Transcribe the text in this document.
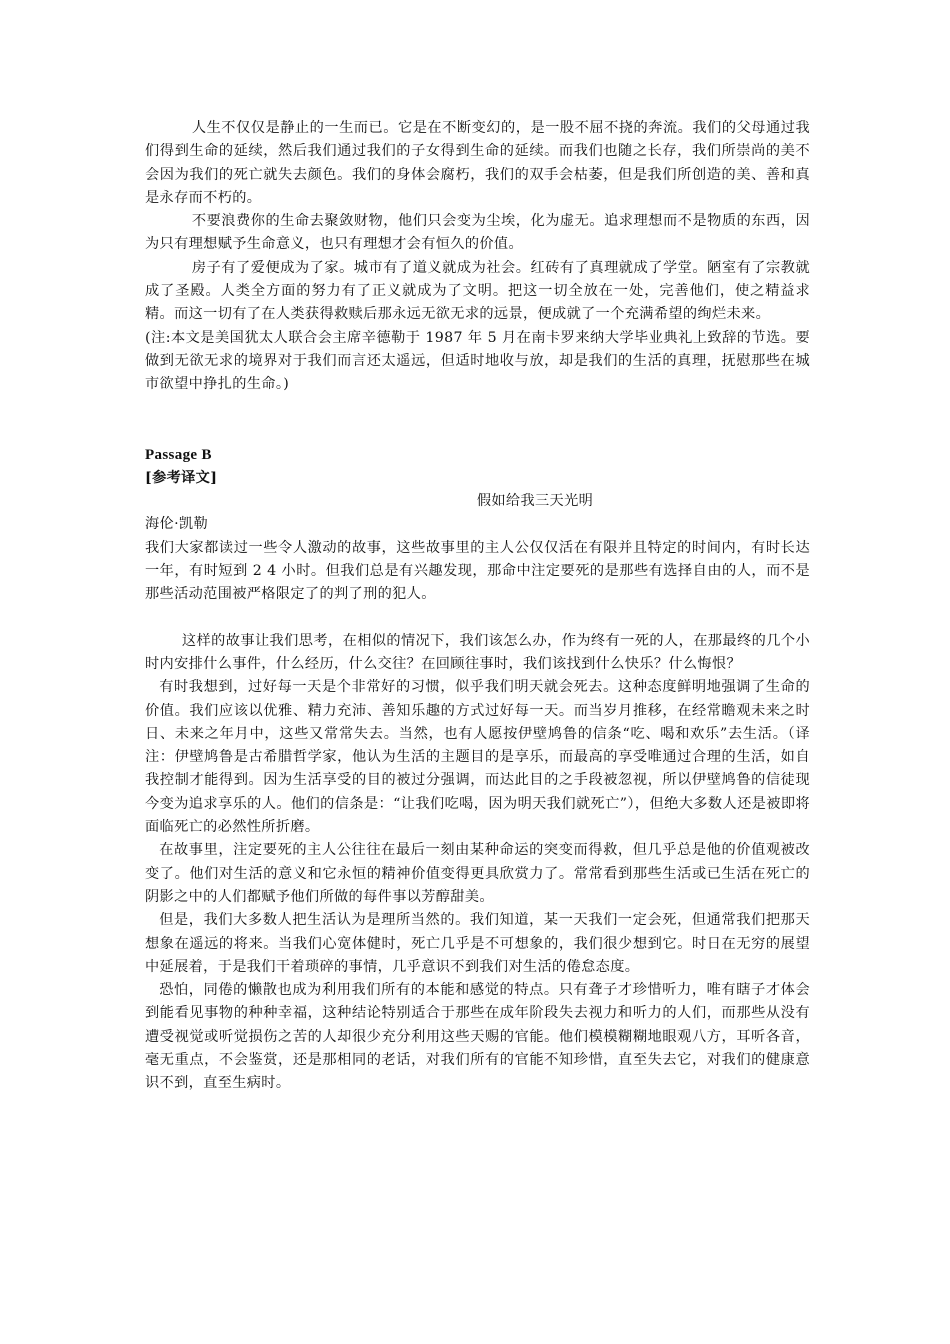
人生不仅仅是静止的一生而已。它是在不断变幻的，是一股不屈不挠的奔流。我们的父母通过我们得到生命的延续，然后我们通过我们的子女得到生命的延续。而我们也随之长存，我们所崇尚的美不会因为我们的死亡就失去颜色。我们的身体会腐朽，我们的双手会枯萎，但是我们所创造的美、善和真是永存而不朽的。

不要浪费你的生命去聚敛财物，他们只会变为尘埃，化为虚无。追求理想而不是物质的东西，因为只有理想赋予生命意义，也只有理想才会有恒久的价值。

房子有了爱便成为了家。城市有了道义就成为社会。红砖有了真理就成了学堂。陋室有了宗教就成了圣殿。人类全方面的努力有了正义就成为了文明。把这一切全放在一处，完善他们，使之精益求精。而这一切有了在人类获得救赎后那永远无欲无求的远景，便成就了一个充满希望的绚烂未来。

(注:本文是美国犹太人联合会主席辛德勒于 1987 年 5 月在南卡罗来纳大学毕业典礼上致辞的节选。要做到无欲无求的境界对于我们而言还太遥远，但适时地收与放，却是我们的生活的真理，抚慰那些在城市欲望中挣扎的生命。)

Passage B

[参考译文]

假如给我三天光明

海伦·凯勒

我们大家都读过一些令人激动的故事，这些故事里的主人公仅仅活在有限并且特定的时间内，有时长达一年，有时短到 2 4 小时。但我们总是有兴趣发现，那命中注定要死的是那些有选择自由的人，而不是那些活动范围被严格限定了的判了刑的犯人。

这样的故事让我们思考，在相似的情况下，我们该怎么办，作为终有一死的人，在那最终的几个小时内安排什么事件，什么经历，什么交往？在回顾往事时，我们该找到什么快乐？什么悔恨？

有时我想到，过好每一天是个非常好的习惯，似乎我们明天就会死去。这种态度鲜明地强调了生命的价值。我们应该以优雅、精力充沛、善知乐趣的方式过好每一天。而当岁月推移，在经常瞻观未来之时日、未来之年月中，这些又常常失去。当然，也有人愿按伊壁鸠鲁的信条“吃、喝和欢乐”去生活。（译注：伊壁鸠鲁是古希腊哲学家，他认为生活的主题目的是享乐，而最高的享受唯通过合理的生活，如自我控制才能得到。因为生活享受的目的被过分强调，而达此目的之手段被忽视，所以伊壁鸠鲁的信徒现今变为追求享乐的人。他们的信条是：“让我们吃喝，因为明天我们就死亡”），但绝大多数人还是被即将面临死亡的必然性所折磨。

在故事里，注定要死的主人公往往在最后一刻由某种命运的突变而得救，但几乎总是他的价值观被改变了。他们对生活的意义和它永恒的精神价值变得更具欣赏力了。常常看到那些生活或已生活在死亡的阴影之中的人们都赋予他们所做的每件事以芳醇甜美。

但是，我们大多数人把生活认为是理所当然的。我们知道，某一天我们一定会死，但通常我们把那天想象在遥远的将来。当我们心宽体健时，死亡几乎是不可想象的，我们很少想到它。时日在无穷的展望中延展着，于是我们干着琐碎的事情，几乎意识不到我们对生活的倦怠态度。

恐怕，同倦的懒散也成为利用我们所有的本能和感觉的特点。只有聋子才珍惜听力，唯有瞎子才体会到能看见事物的种种幸福，这种结论特别适合于那些在成年阶段失去视力和听力的人们，而那些从没有遭受视觉或听觉损伤之苦的人却很少充分利用这些天赐的官能。他们模模糊糊地眼观八方，耳听各音，毫无重点，不会鉴赏，还是那相同的老话，对我们所有的官能不知珍惜，直至失去它，对我们的健康意识不到，直至生病时。
